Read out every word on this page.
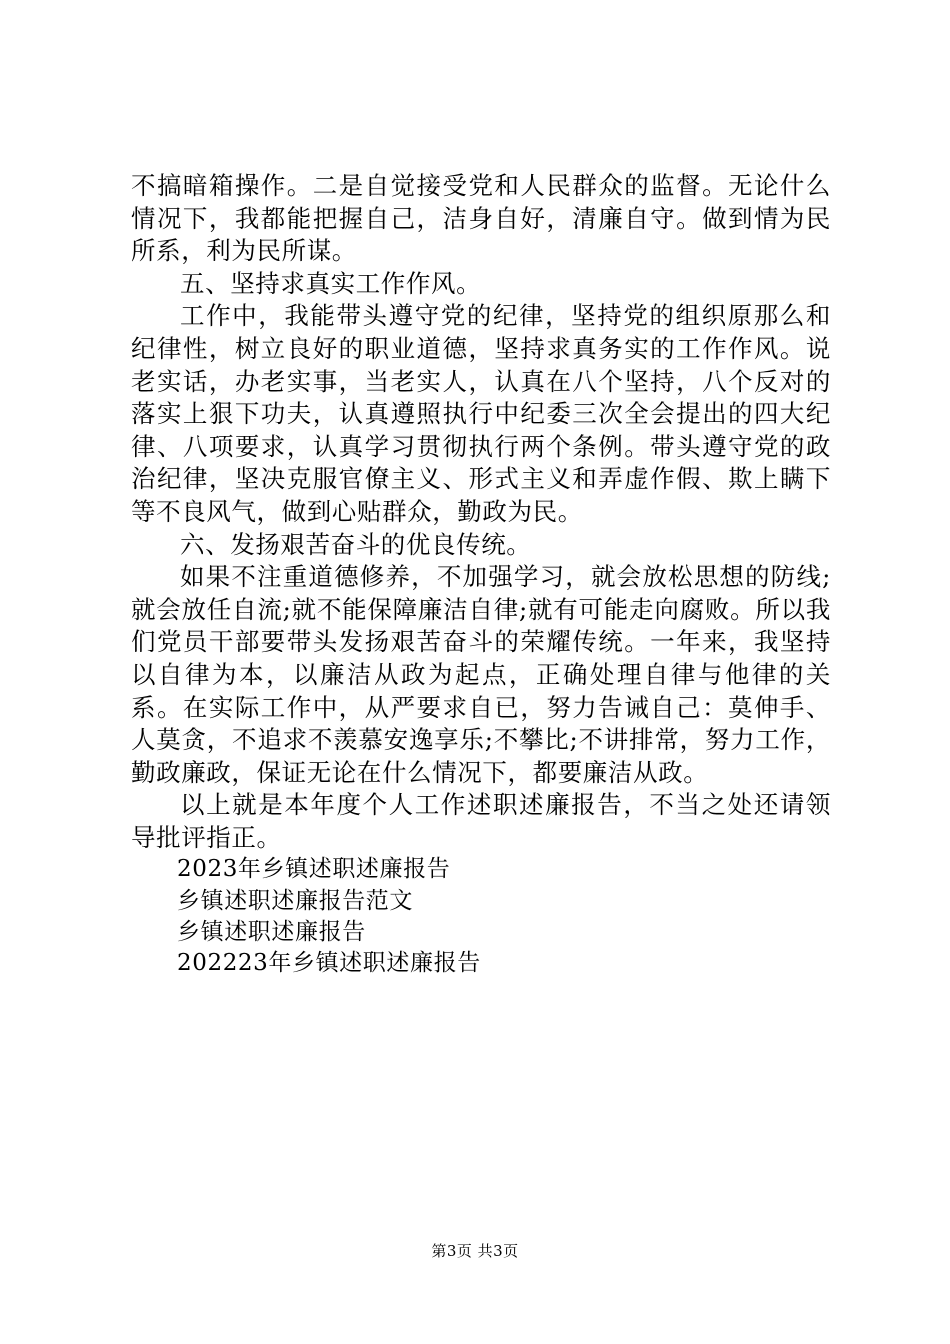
不搞暗箱操作。二是自觉接受党和人民群众的监督。无论什么情况下，我都能把握自己，洁身自好，清廉自守。做到情为民所系，利为民所谋。

五、坚持求真实工作作风。

工作中，我能带头遵守党的纪律，坚持党的组织原那么和纪律性，树立良好的职业道德，坚持求真务实的工作作风。说老实话，办老实事，当老实人，认真在八个坚持，八个反对的落实上狠下功夫，认真遵照执行中纪委三次全会提出的四大纪律、八项要求，认真学习贯彻执行两个条例。带头遵守党的政治纪律，坚决克服官僚主义、形式主义和弄虚作假、欺上瞒下等不良风气，做到心贴群众，勤政为民。

六、发扬艰苦奋斗的优良传统。

如果不注重道德修养，不加强学习，就会放松思想的防线;就会放任自流;就不能保障廉洁自律;就有可能走向腐败。所以我们党员干部要带头发扬艰苦奋斗的荣耀传统。一年来，我坚持以自律为本，以廉洁从政为起点，正确处理自律与他律的关系。在实际工作中，从严要求自已，努力告诫自己：莫伸手、人莫贪，不追求不羡慕安逸享乐;不攀比;不讲排常，努力工作，勤政廉政，保证无论在什么情况下，都要廉洁从政。

以上就是本年度个人工作述职述廉报告，不当之处还请领导批评指正。

2023年乡镇述职述廉报告
乡镇述职述廉报告范文
乡镇述职述廉报告
202223年乡镇述职述廉报告
第3页 共3页
